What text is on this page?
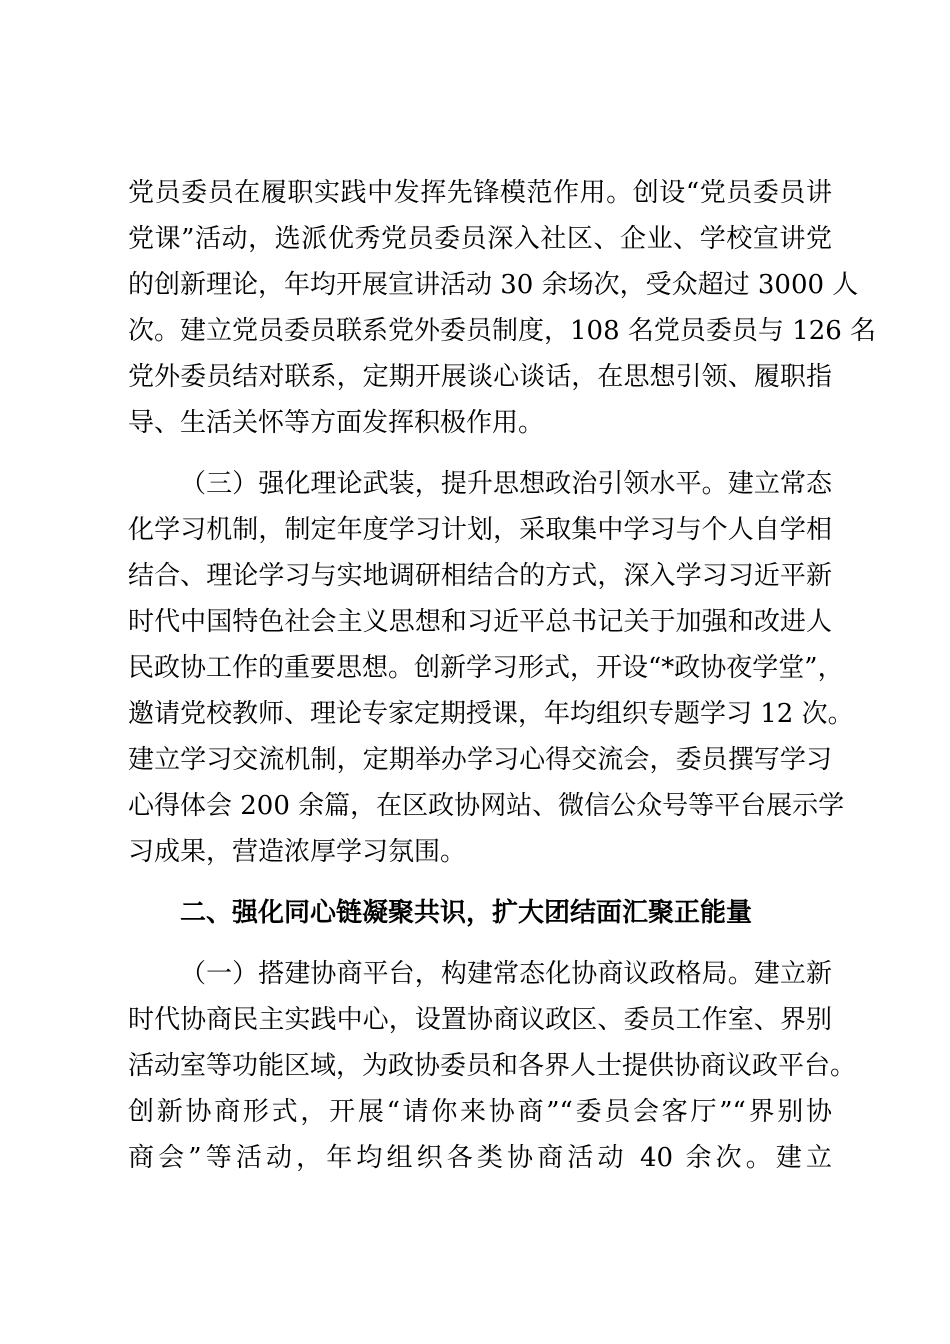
党员委员在履职实践中发挥先锋模范作用。创设“党员委员讲
党课”活动，选派优秀党员委员深入社区、企业、学校宣讲党
的创新理论，年均开展宣讲活动 30 余场次，受众超过 3000 人
次。建立党员委员联系党外委员制度，108 名党员委员与 126 名
党外委员结对联系，定期开展谈心谈话，在思想引领、履职指
导、生活关怀等方面发挥积极作用。
（三）强化理论武装，提升思想政治引领水平。建立常态
化学习机制，制定年度学习计划，采取集中学习与个人自学相
结合、理论学习与实地调研相结合的方式，深入学习习近平新
时代中国特色社会主义思想和习近平总书记关于加强和改进人
民政协工作的重要思想。创新学习形式，开设“*政协夜学堂”，
邀请党校教师、理论专家定期授课，年均组织专题学习 12 次。
建立学习交流机制，定期举办学习心得交流会，委员撰写学习
心得体会 200 余篇，在区政协网站、微信公众号等平台展示学
习成果，营造浓厚学习氛围。
二、强化同心链凝聚共识，扩大团结面汇聚正能量
（一）搭建协商平台，构建常态化协商议政格局。建立新
时代协商民主实践中心，设置协商议政区、委员工作室、界别
活动室等功能区域，为政协委员和各界人士提供协商议政平台。
创新协商形式，开展“请你来协商”“委员会客厅”“界别协
商会”等活动，年均组织各类协商活动 40 余次。建立
